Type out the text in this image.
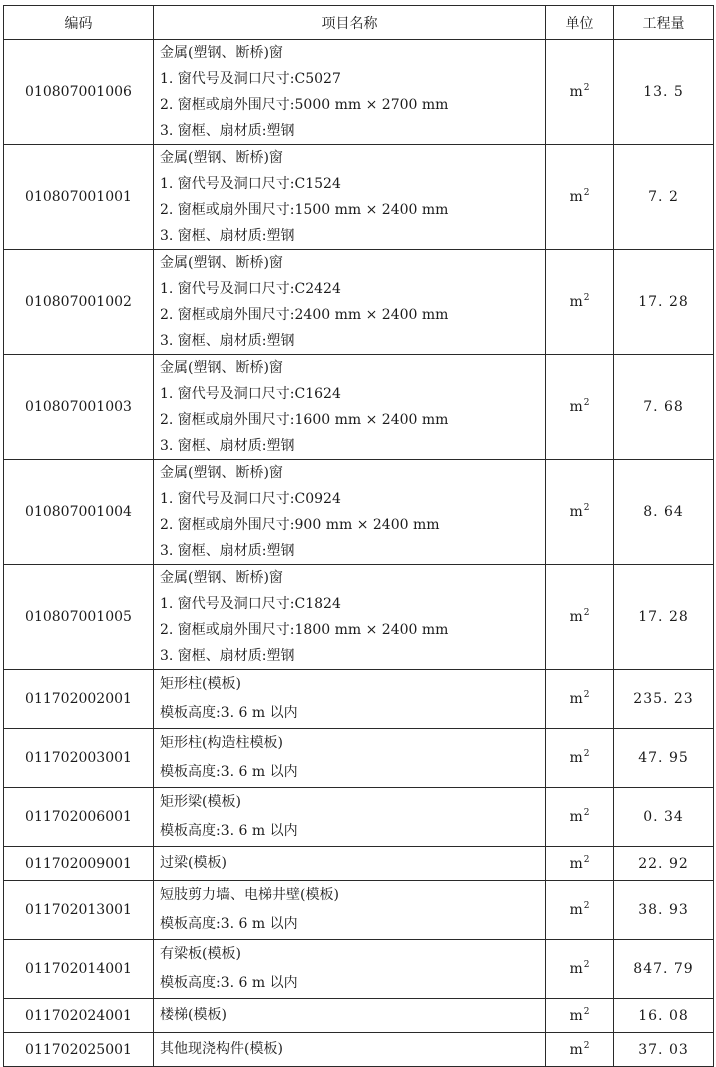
编码	项目名称	单位	工程量
010807001006	金属(塑钢、断桥)窗
1. 窗代号及洞口尺寸:C5027
2. 窗框或扇外围尺寸:5000 mm × 2700 mm
3. 窗框、扇材质:塑钢	$m^2$	13. 5
010807001001	金属(塑钢、断桥)窗
1. 窗代号及洞口尺寸:C1524
2. 窗框或扇外围尺寸:1500 mm × 2400 mm
3. 窗框、扇材质:塑钢	$m^2$	7. 2
010807001002	金属(塑钢、断桥)窗
1. 窗代号及洞口尺寸:C2424
2. 窗框或扇外围尺寸:2400 mm × 2400 mm
3. 窗框、扇材质:塑钢	$m^2$	17. 28
010807001003	金属(塑钢、断桥)窗
1. 窗代号及洞口尺寸:C1624
2. 窗框或扇外围尺寸:1600 mm × 2400 mm
3. 窗框、扇材质:塑钢	$m^2$	7. 68
010807001004	金属(塑钢、断桥)窗
1. 窗代号及洞口尺寸:C0924
2. 窗框或扇外围尺寸:900 mm × 2400 mm
3. 窗框、扇材质:塑钢	$m^2$	8. 64
010807001005	金属(塑钢、断桥)窗
1. 窗代号及洞口尺寸:C1824
2. 窗框或扇外围尺寸:1800 mm × 2400 mm
3. 窗框、扇材质:塑钢	$m^2$	17. 28
011702002001	矩形柱(模板)
模板高度:3. 6 m 以内	$m^2$	235. 23
011702003001	矩形柱(构造柱模板)
模板高度:3. 6 m 以内	$m^2$	47. 95
011702006001	矩形梁(模板)
模板高度:3. 6 m 以内	$m^2$	0. 34
011702009001	过梁(模板)	$m^2$	22. 92
011702013001	短肢剪力墙、电梯井壁(模板)
模板高度:3. 6 m 以内	$m^2$	38. 93
011702014001	有梁板(模板)
模板高度:3. 6 m 以内	$m^2$	847. 79
011702024001	楼梯(模板)	$m^2$	16. 08
011702025001	其他现浇构件(模板)	$m^2$	37. 03
